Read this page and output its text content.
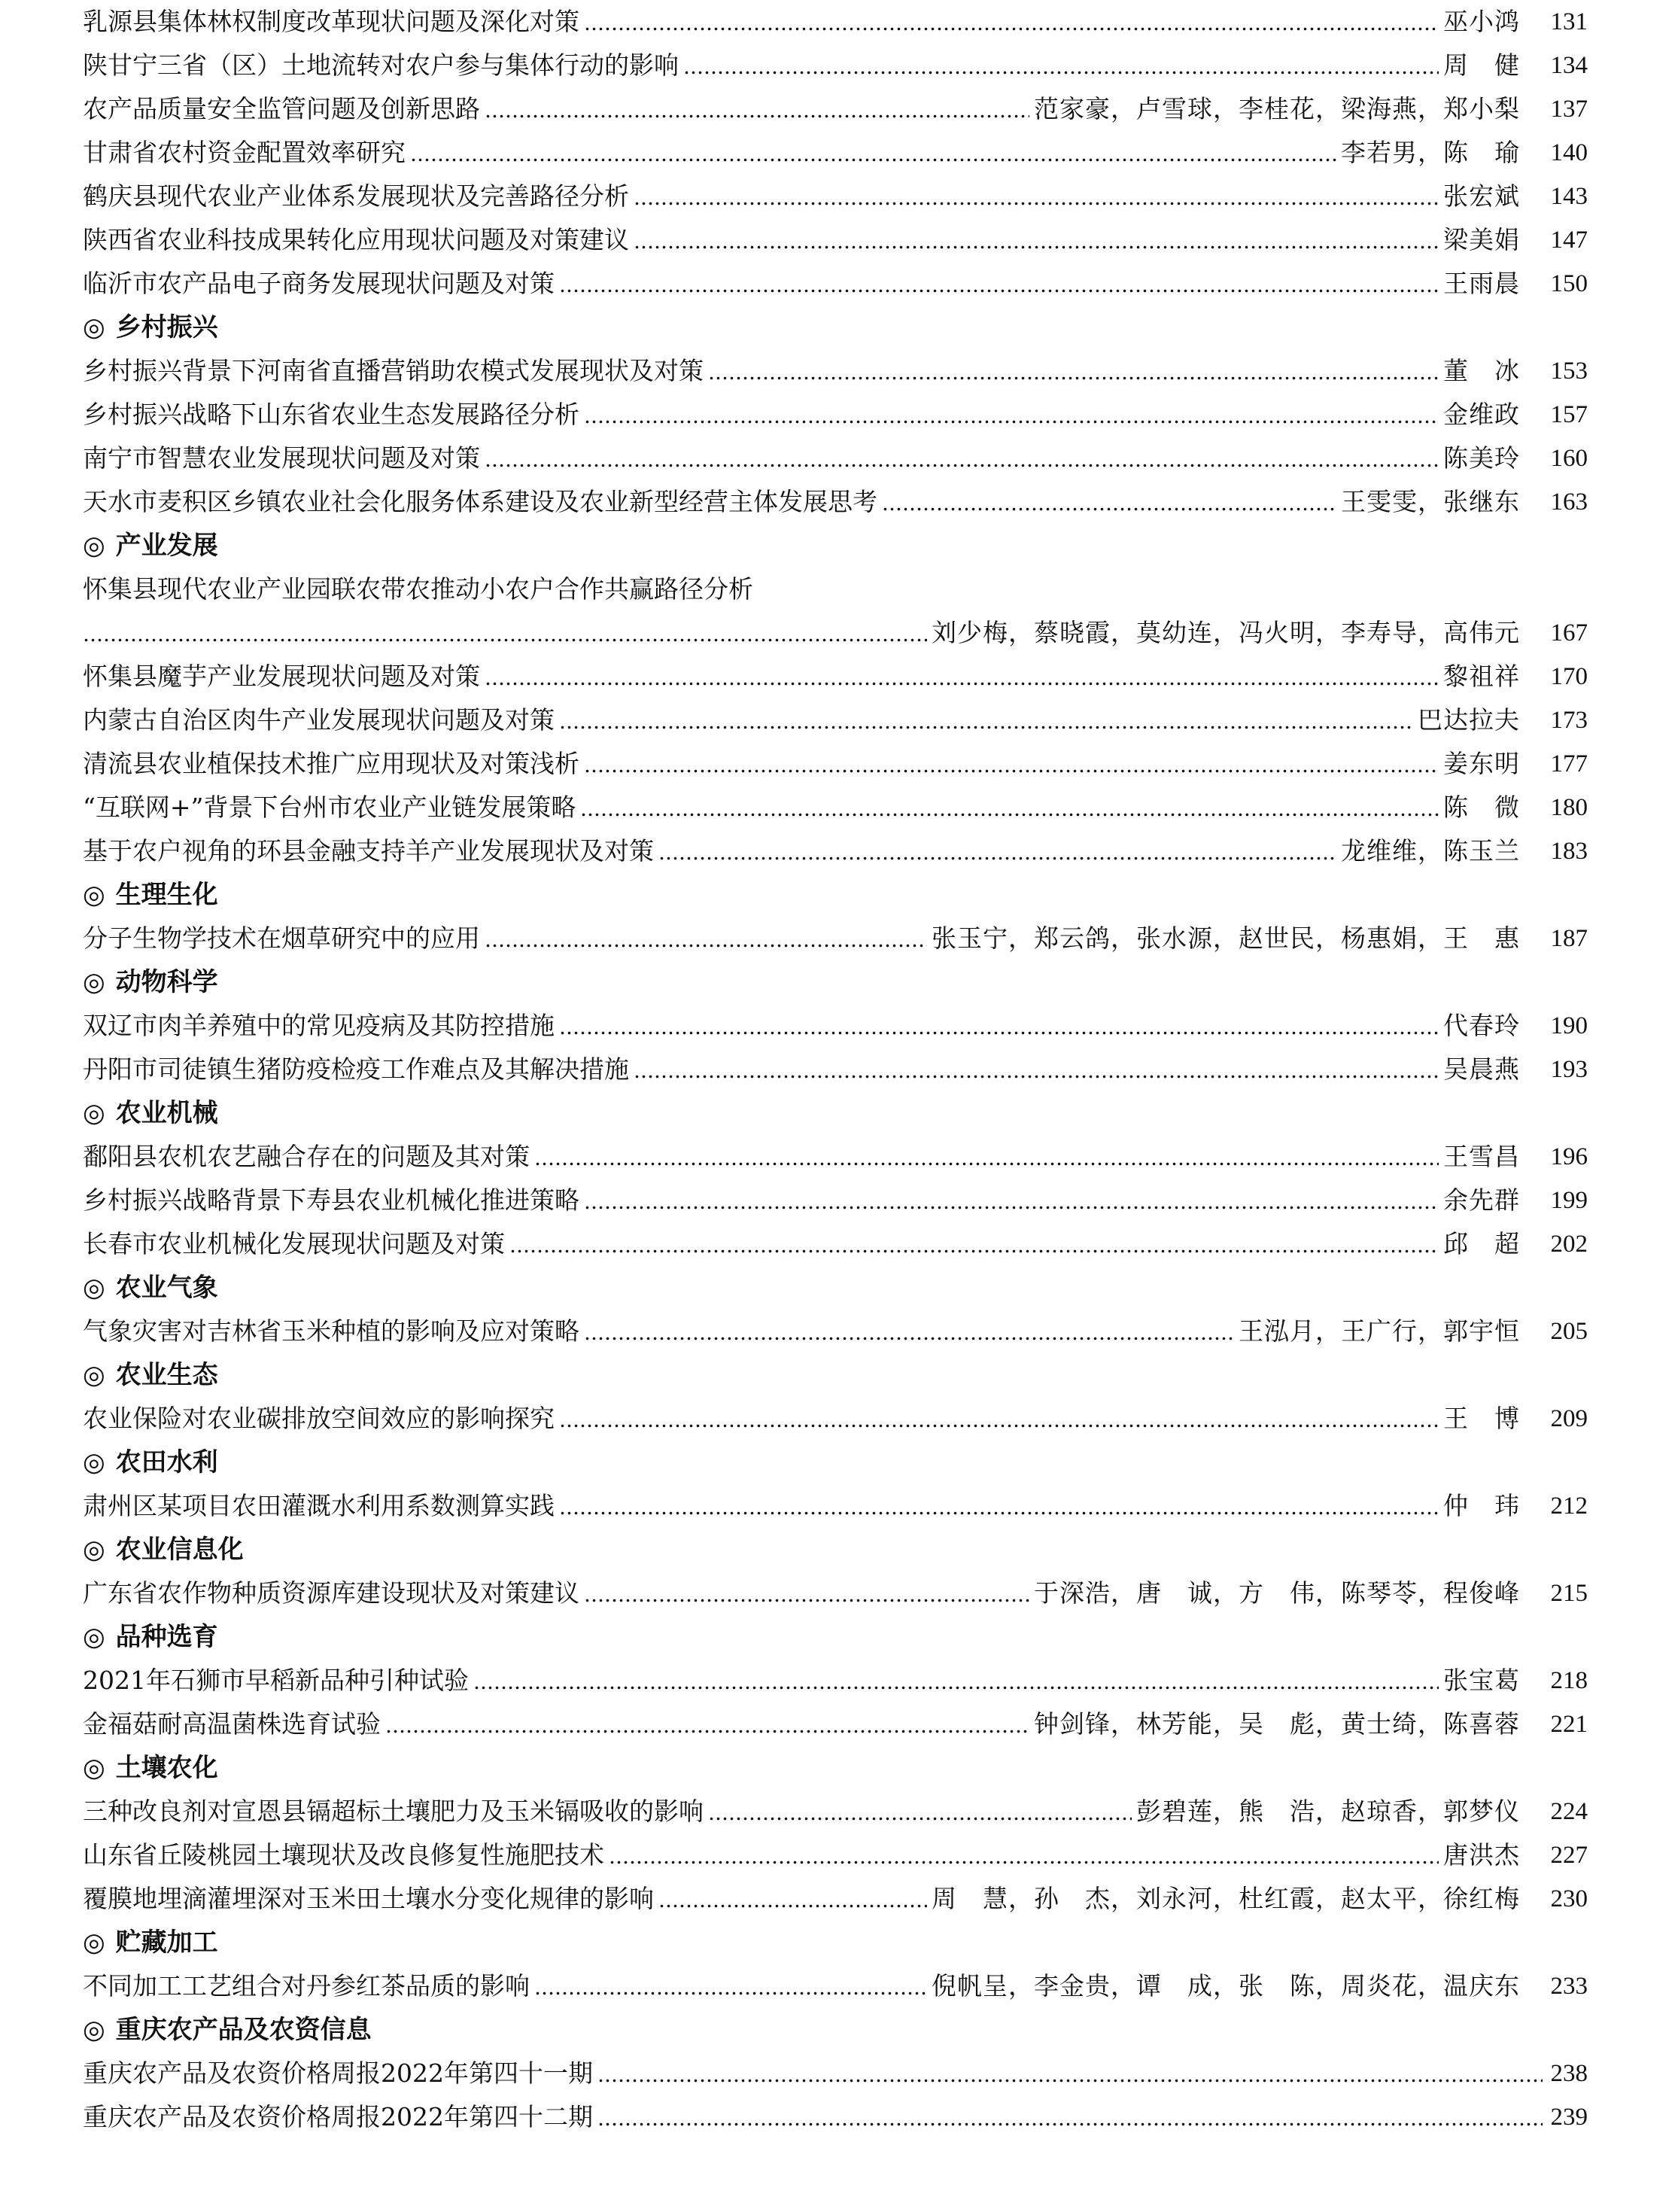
乳源县集体林权制度改革现状问题及深化对策	巫小鸿	131
陕甘宁三省（区）土地流转对农户参与集体行动的影响	周　健	134
农产品质量安全监管问题及创新思路	范家豪，卢雪球，李桂花，梁海燕，郑小梨	137
甘肃省农村资金配置效率研究	李若男，陈　瑜	140
鹤庆县现代农业产业体系发展现状及完善路径分析	张宏斌	143
陕西省农业科技成果转化应用现状问题及对策建议	梁美娟	147
临沂市农产品电子商务发展现状问题及对策	王雨晨	150
◎ 乡村振兴
乡村振兴背景下河南省直播营销助农模式发展现状及对策	董　冰	153
乡村振兴战略下山东省农业生态发展路径分析	金维政	157
南宁市智慧农业发展现状问题及对策	陈美玲	160
天水市麦积区乡镇农业社会化服务体系建设及农业新型经营主体发展思考	王雯雯，张继东	163
◎ 产业发展
怀集县现代农业产业园联农带农推动小农户合作共赢路径分析
刘少梅，蔡晓霞，莫幼连，冯火明，李寿导，高伟元	167
怀集县魔芋产业发展现状问题及对策	黎祖祥	170
内蒙古自治区肉牛产业发展现状问题及对策	巴达拉夫	173
清流县农业植保技术推广应用现状及对策浅析	姜东明	177
“互联网+”背景下台州市农业产业链发展策略	陈　微	180
基于农户视角的环县金融支持羊产业发展现状及对策	龙维维，陈玉兰	183
◎ 生理生化
分子生物学技术在烟草研究中的应用	张玉宁，郑云鸽，张水源，赵世民，杨惠娟，王　惠	187
◎ 动物科学
双辽市肉羊养殖中的常见疫病及其防控措施	代春玲	190
丹阳市司徒镇生猪防疫检疫工作难点及其解决措施	吴晨燕	193
◎ 农业机械
鄱阳县农机农艺融合存在的问题及其对策	王雪昌	196
乡村振兴战略背景下寿县农业机械化推进策略	余先群	199
长春市农业机械化发展现状问题及对策	邱　超	202
◎ 农业气象
气象灾害对吉林省玉米种植的影响及应对策略	王泓月，王广行，郭宇恒	205
◎ 农业生态
农业保险对农业碳排放空间效应的影响探究	王　博	209
◎ 农田水利
肃州区某项目农田灌溉水利用系数测算实践	仲　玮	212
◎ 农业信息化
广东省农作物种质资源库建设现状及对策建议	于深浩，唐　诚，方　伟，陈琴苓，程俊峰	215
◎ 品种选育
2021年石狮市早稻新品种引种试验	张宝葛	218
金福菇耐高温菌株选育试验	钟剑锋，林芳能，吴　彪，黄士绮，陈喜蓉	221
◎ 土壤农化
三种改良剂对宣恩县镉超标土壤肥力及玉米镉吸收的影响	彭碧莲，熊　浩，赵琼香，郭梦仪	224
山东省丘陵桃园土壤现状及改良修复性施肥技术	唐洪杰	227
覆膜地埋滴灌埋深对玉米田土壤水分变化规律的影响	周　慧，孙　杰，刘永河，杜红霞，赵太平，徐红梅	230
◎ 贮藏加工
不同加工工艺组合对丹参红茶品质的影响	倪帆呈，李金贵，谭　成，张　陈，周炎花，温庆东	233
◎ 重庆农产品及农资信息
重庆农产品及农资价格周报2022年第四十一期	238
重庆农产品及农资价格周报2022年第四十二期	239
